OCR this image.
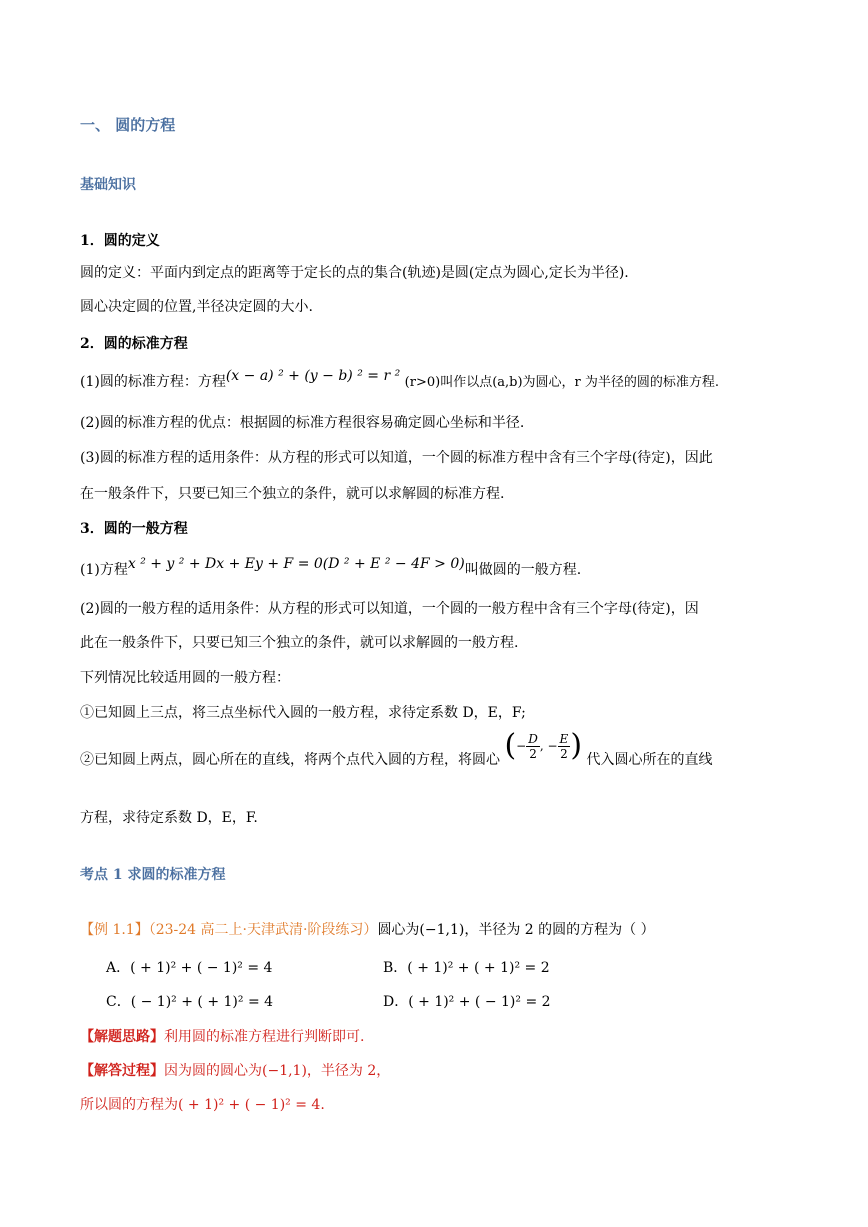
一、 圆的方程
基础知识
1．圆的定义
圆的定义：平面内到定点的距离等于定长的点的集合(轨迹)是圆(定点为圆心,定长为半径).
圆心决定圆的位置,半径决定圆的大小.
2．圆的标准方程
(1)圆的标准方程：方程(x − a) ² + (y − b) ² = r ² (r>0)叫作以点(a,b)为圆心，r 为半径的圆的标准方程.
(2)圆的标准方程的优点：根据圆的标准方程很容易确定圆心坐标和半径.
(3)圆的标准方程的适用条件：从方程的形式可以知道，一个圆的标准方程中含有三个字母(待定)，因此
在一般条件下，只要已知三个独立的条件，就可以求解圆的标准方程.
3．圆的一般方程
(1)方程x ² + y ² + Dx + Ey + F = 0(D ² + E ² − 4F > 0)叫做圆的一般方程.
(2)圆的一般方程的适用条件：从方程的形式可以知道，一个圆的一般方程中含有三个字母(待定)，因
此在一般条件下，只要已知三个独立的条件，就可以求解圆的一般方程.
下列情况比较适用圆的一般方程：
①已知圆上三点，将三点坐标代入圆的一般方程，求待定系数 D，E，F;
②已知圆上两点，圆心所在的直线，将两个点代入圆的方程，将圆心 (− $\frac{D}{2}$ , − $\frac{E}{2}$ ) 代入圆心所在的直线
方程，求待定系数 D，E，F.
考点 1 求圆的标准方程
【例 1.1】（23-24 高二上·天津武清·阶段练习）圆心为(−1,1)，半径为 2 的圆的方程为（ ）
A．( + 1)² + ( − 1)² = 4	B．( + 1)² + ( + 1)² = 2
C．( − 1)² + ( + 1)² = 4	D．( + 1)² + ( − 1)² = 2
【解题思路】利用圆的标准方程进行判断即可.
【解答过程】因为圆的圆心为(−1,1)，半径为 2，
所以圆的方程为( + 1)² + ( − 1)² = 4.
